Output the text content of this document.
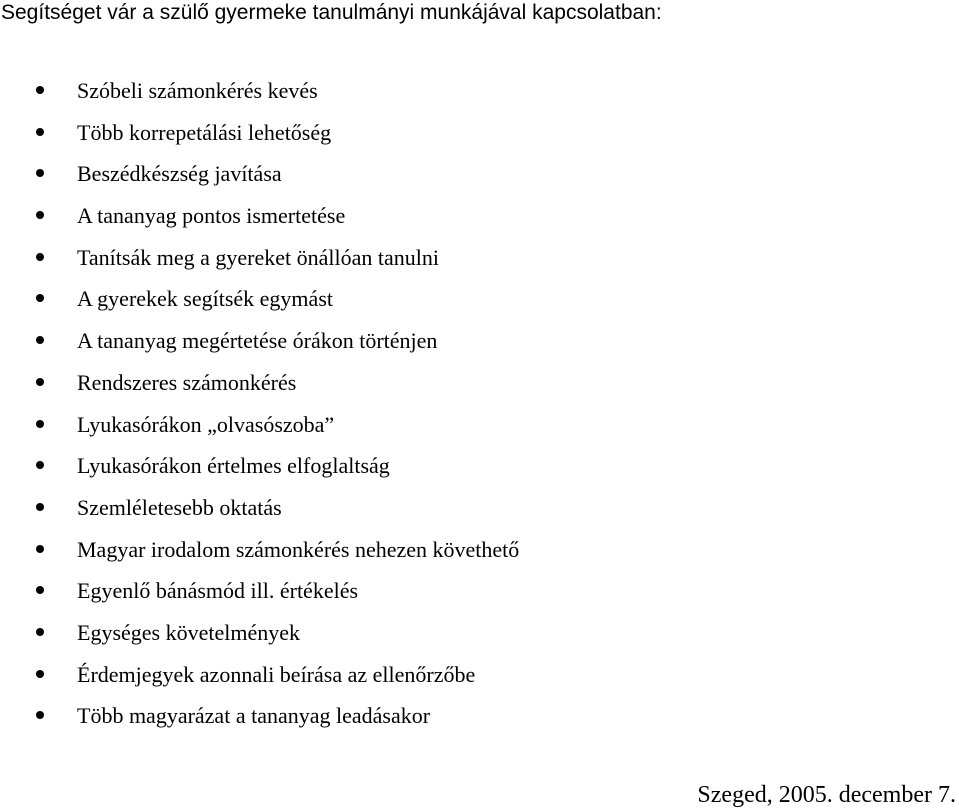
Segítséget vár a szülő gyermeke tanulmányi munkájával kapcsolatban:
Szóbeli számonkérés kevés
Több korrepetálási lehetőség
Beszédkészség javítása
A tananyag pontos ismertetése
Tanítsák meg a gyereket önállóan tanulni
A gyerekek segítsék egymást
A tananyag megértetése órákon történjen
Rendszeres számonkérés
Lyukasórákon „olvasószoba”
Lyukasórákon értelmes elfoglaltság
Szemléletesebb oktatás
Magyar irodalom számonkérés nehezen követhető
Egyenlő bánásmód ill. értékelés
Egységes követelmények
Érdemjegyek azonnali beírása az ellenőrzőbe
Több magyarázat a tananyag leadásakor
Szeged, 2005. december 7.
